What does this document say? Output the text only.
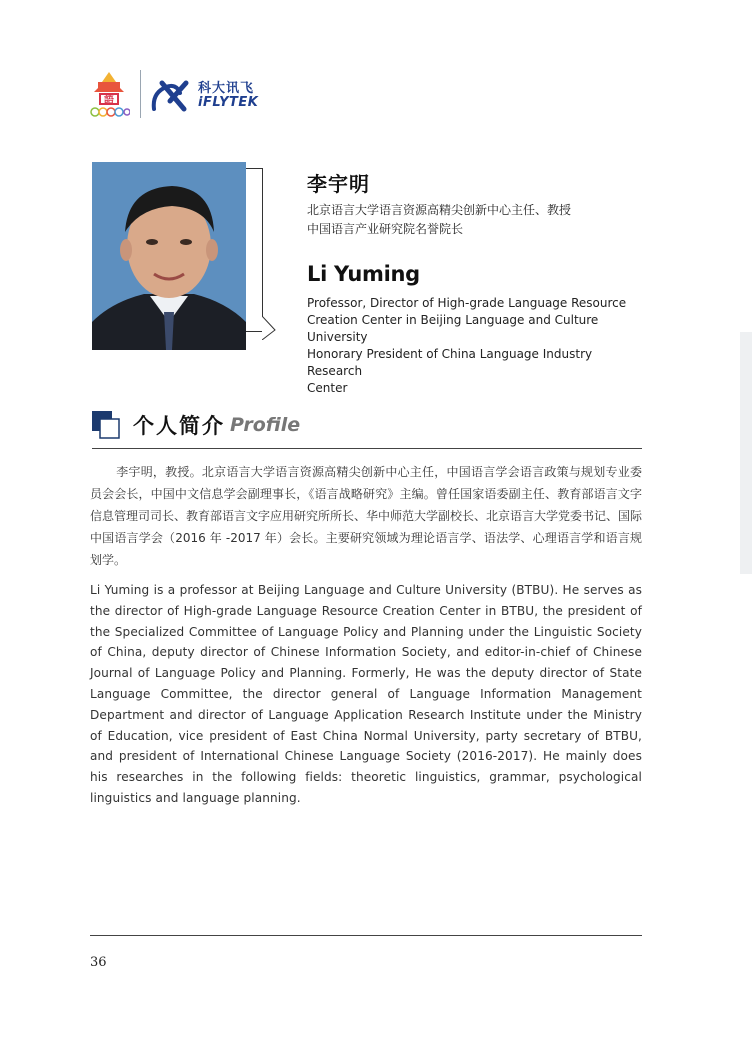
語
科大讯飞
iFLYTEK
李宇明
北京语言大学语言资源高精尖创新中心主任、教授
中国语言产业研究院名誉院长
Li Yuming
Professor, Director of High-grade Language Resource
Creation Center in Beijing Language and Culture
University
Honorary President of China Language Industry Research
Center
个人简介 Profile
李宇明，教授。北京语言大学语言资源高精尖创新中心主任，中国语言学会语言政策与规划专业委员会会长，中国中文信息学会副理事长，《语言战略研究》主编。曾任国家语委副主任、教育部语言文字信息管理司司长、教育部语言文字应用研究所所长、华中师范大学副校长、北京语言大学党委书记、国际中国语言学会（2016 年 -2017 年）会长。主要研究领域为理论语言学、语法学、心理语言学和语言规划学。
Li Yuming is a professor at Beijing Language and Culture University (BTBU). He serves as the director of High-grade Language Resource Creation Center in BTBU, the president of the Specialized Committee of Language Policy and Planning under the Linguistic Society of China, deputy director of Chinese Information Society, and editor-in-chief of Chinese Journal of Language Policy and Planning. Formerly, He was the deputy director of State Language Committee, the director general of Language Information Management Department and director of Language Application Research Institute under the Ministry of Education, vice president of East China Normal University, party secretary of BTBU, and president of International Chinese Language Society (2016-2017). He mainly does his researches in the following fields: theoretic linguistics, grammar, psychological linguistics and language planning.
36
